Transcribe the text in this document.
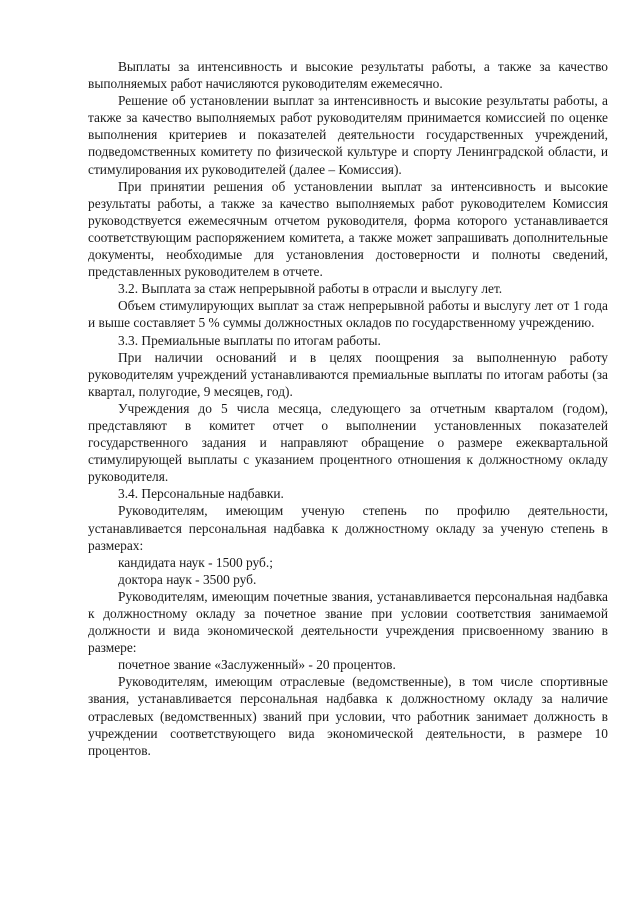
Выплаты за интенсивность и высокие результаты работы, а также за качество выполняемых работ начисляются руководителям ежемесячно.

Решение об установлении выплат за интенсивность и высокие результаты работы, а также за качество выполняемых работ руководителям принимается комиссией по оценке выполнения критериев и показателей деятельности государственных учреждений, подведомственных комитету по физической культуре и спорту Ленинградской области, и стимулирования их руководителей (далее – Комиссия).

При принятии решения об установлении выплат за интенсивность и высокие результаты работы, а также за качество выполняемых работ руководителем Комиссия руководствуется ежемесячным отчетом руководителя, форма которого устанавливается соответствующим распоряжением комитета, а также может запрашивать дополнительные документы, необходимые для установления достоверности и полноты сведений, представленных руководителем в отчете.

3.2. Выплата за стаж непрерывной работы в отрасли и выслугу лет.

Объем стимулирующих выплат за стаж непрерывной работы и выслугу лет от 1 года и выше составляет 5 % суммы должностных окладов по государственному учреждению.

3.3. Премиальные выплаты по итогам работы.

При наличии оснований и в целях поощрения за выполненную работу руководителям учреждений устанавливаются премиальные выплаты по итогам работы (за квартал, полугодие, 9 месяцев, год).

Учреждения до 5 числа месяца, следующего за отчетным кварталом (годом), представляют в комитет отчет о выполнении установленных показателей государственного задания и направляют обращение о размере ежеквартальной стимулирующей выплаты с указанием процентного отношения к должностному окладу руководителя.

3.4. Персональные надбавки.

Руководителям, имеющим ученую степень по профилю деятельности, устанавливается персональная надбавка к должностному окладу за ученую степень в размерах:

кандидата наук - 1500 руб.;

доктора наук - 3500 руб.

Руководителям, имеющим почетные звания, устанавливается персональная надбавка к должностному окладу за почетное звание при условии соответствия занимаемой должности и вида экономической деятельности учреждения присвоенному званию в размере:

почетное звание «Заслуженный» - 20 процентов.

Руководителям, имеющим отраслевые (ведомственные), в том числе спортивные звания, устанавливается персональная надбавка к должностному окладу за наличие отраслевых (ведомственных) званий при условии, что работник занимает должность в учреждении соответствующего вида экономической деятельности, в размере 10 процентов.
